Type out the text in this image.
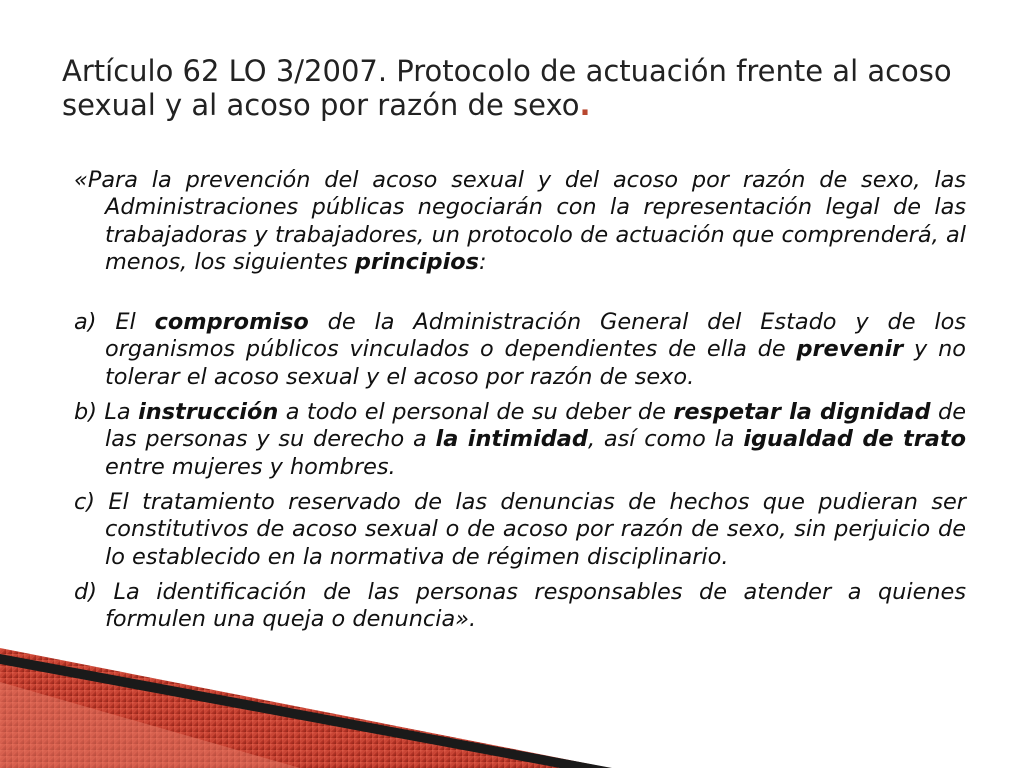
Artículo 62 LO 3/2007. Protocolo de actuación frente al acoso sexual y al acoso por razón de sexo.

«Para la prevención del acoso sexual y del acoso por razón de sexo, las Administraciones públicas negociarán con la representación legal de las trabajadoras y trabajadores, un protocolo de actuación que comprenderá, al menos, los siguientes principios:

a) El compromiso de la Administración General del Estado y de los organismos públicos vinculados o dependientes de ella de prevenir y no tolerar el acoso sexual y el acoso por razón de sexo.

b) La instrucción a todo el personal de su deber de respetar la dignidad de las personas y su derecho a la intimidad, así como la igualdad de trato entre mujeres y hombres.

c) El tratamiento reservado de las denuncias de hechos que pudieran ser constitutivos de acoso sexual o de acoso por razón de sexo, sin perjuicio de lo establecido en la normativa de régimen disciplinario.

d) La identificación de las personas responsables de atender a quienes formulen una queja o denuncia».
